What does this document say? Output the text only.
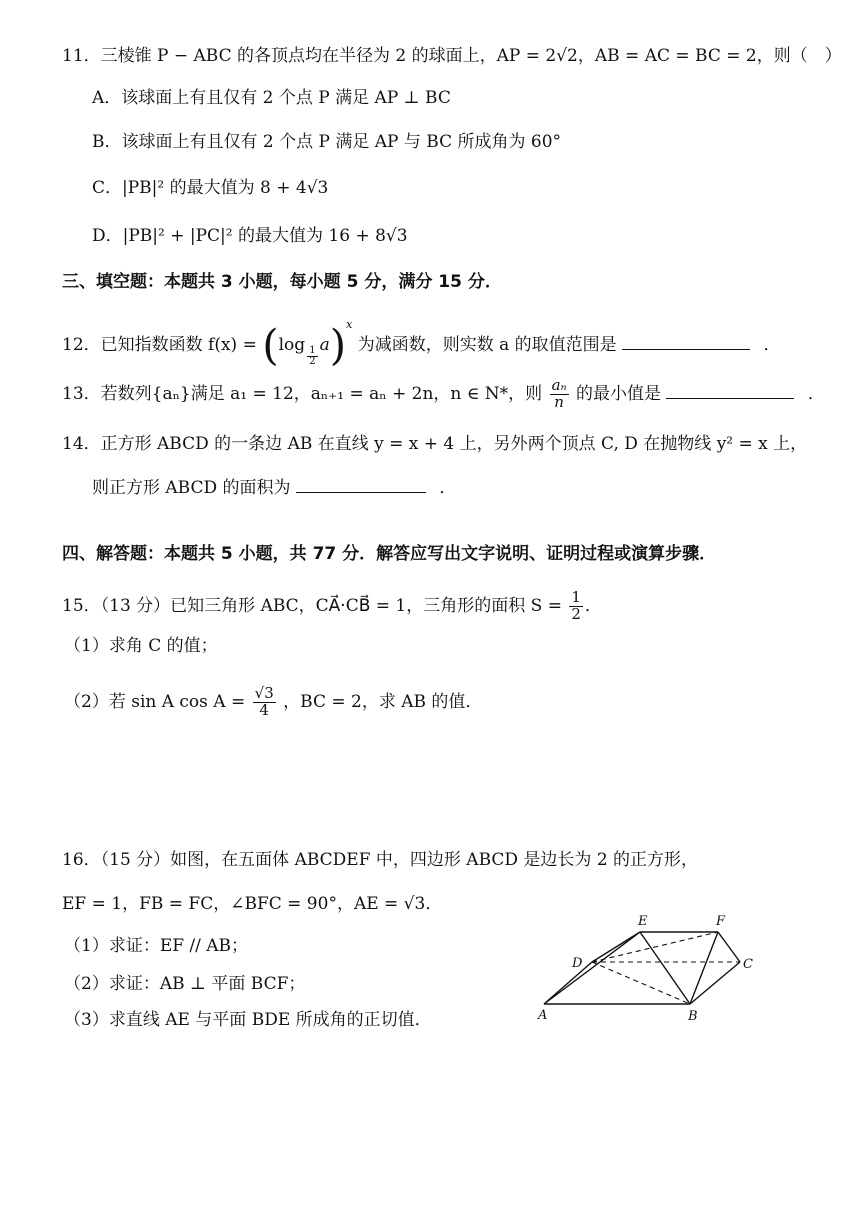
11．三棱锥 P − ABC 的各顶点均在半径为 2 的球面上，AP = 2√2，AB = AC = BC = 2，则（　）
A．该球面上有且仅有 2 个点 P 满足 AP ⊥ BC
B．该球面上有且仅有 2 个点 P 满足 AP 与 BC 所成角为 60°
C．|PB|² 的最大值为 8 + 4√3
D．|PB|² + |PC|² 的最大值为 16 + 8√3
三、填空题：本题共 3 小题，每小题 5 分，满分 15 分．
12．已知指数函数 f(x) = (log
$\frac{1}{2}$
a)$^x$ 为减函数，则实数 a 的取值范围是	．
13．若数列{aₙ}满足 a₁ = 12，aₙ₊₁ = aₙ + 2n，n ∈ N*，则 $\frac{\text{aₙ}}{n}$ 的最小值是	．
14．正方形 ABCD 的一条边 AB 在直线 y = x + 4 上，另外两个顶点 C, D 在抛物线 y² = x 上，
则正方形 ABCD 的面积为	．
四、解答题：本题共 5 小题，共 77 分．解答应写出文字说明、证明过程或演算步骤．
15．（13 分）已知三角形 ABC，CA⃗·CB⃗ = 1，三角形的面积 $S = \frac{1}{2}$ ．
（1）求角 C 的值；
（2）若 sin A $\cos A = \frac{√3}{4}$ ，BC = 2，求 AB 的值．
16．（15 分）如图，在五面体 ABCDEF 中，四边形 ABCD 是边长为 2 的正方形，
EF = 1，FB = FC，∠BFC = 90°，AE = √3．
（1）求证：EF // AB；
（2）求证：AB ⊥ 平面 BCF；
（3）求直线 AE 与平面 BDE 所成角的正切值．
E	F
D	C
A	B
